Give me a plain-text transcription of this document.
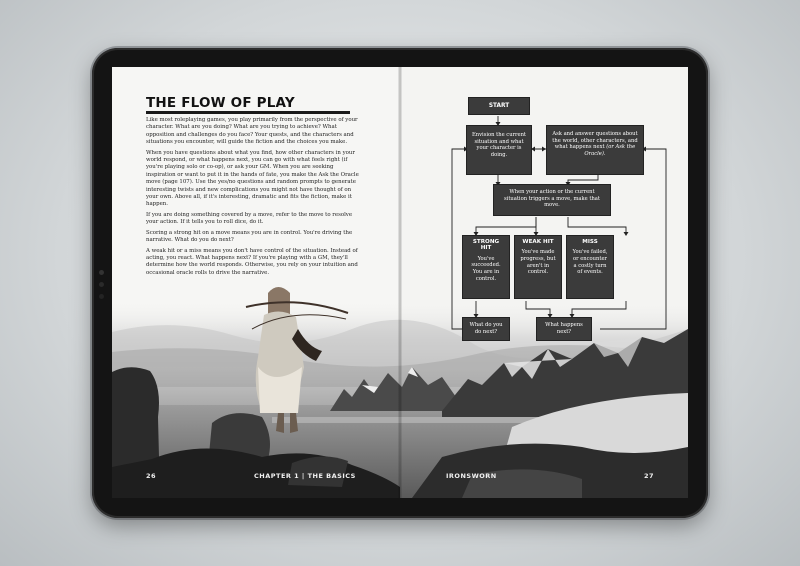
THE FLOW OF PLAY

Like most roleplaying games, you play primarily from the perspective of your character. What are you doing? What are you trying to achieve? What opposition and challenges do you face? Your quests, and the characters and situations you encounter, will guide the fiction and the choices you make.

When you have questions about what you find, how other characters in your world respond, or what happens next, you can go with what feels right (if you're playing solo or co-op), or ask your GM. When you are seeking inspiration or want to put it in the hands of fate, you make the Ask the Oracle move (page 107). Use the yes/no questions and random prompts to generate interesting twists and new complications you might not have thought of on your own. Above all, if it's interesting, dramatic and fits the fiction, make it happen.

If you are doing something covered by a move, refer to the move to resolve your action. If it tells you to roll dice, do it.

Scoring a strong hit on a move means you are in control. You're driving the narrative. What do you do next?

A weak hit or a miss means you don't have control of the situation. Instead of acting, you react. What happens next? If you're playing with a GM, they'll determine how the world responds. Otherwise, you rely on your intuition and occasional oracle rolls to drive the narrative.

START
Envision the current situation and what your character is doing.
Ask and answer questions about the world, other characters, and what happens next (or Ask the Oracle).
When your action or the current situation triggers a move, make that move.
STRONG HIT
You've succeeded. You are in control.
WEAK HIT
You've made progress, but aren't in control.
MISS
You've failed, or encounter a costly turn of events.
What do you do next?
What happens next?
26	CHAPTER 1 | THE BASICS	IRONSWORN	27
